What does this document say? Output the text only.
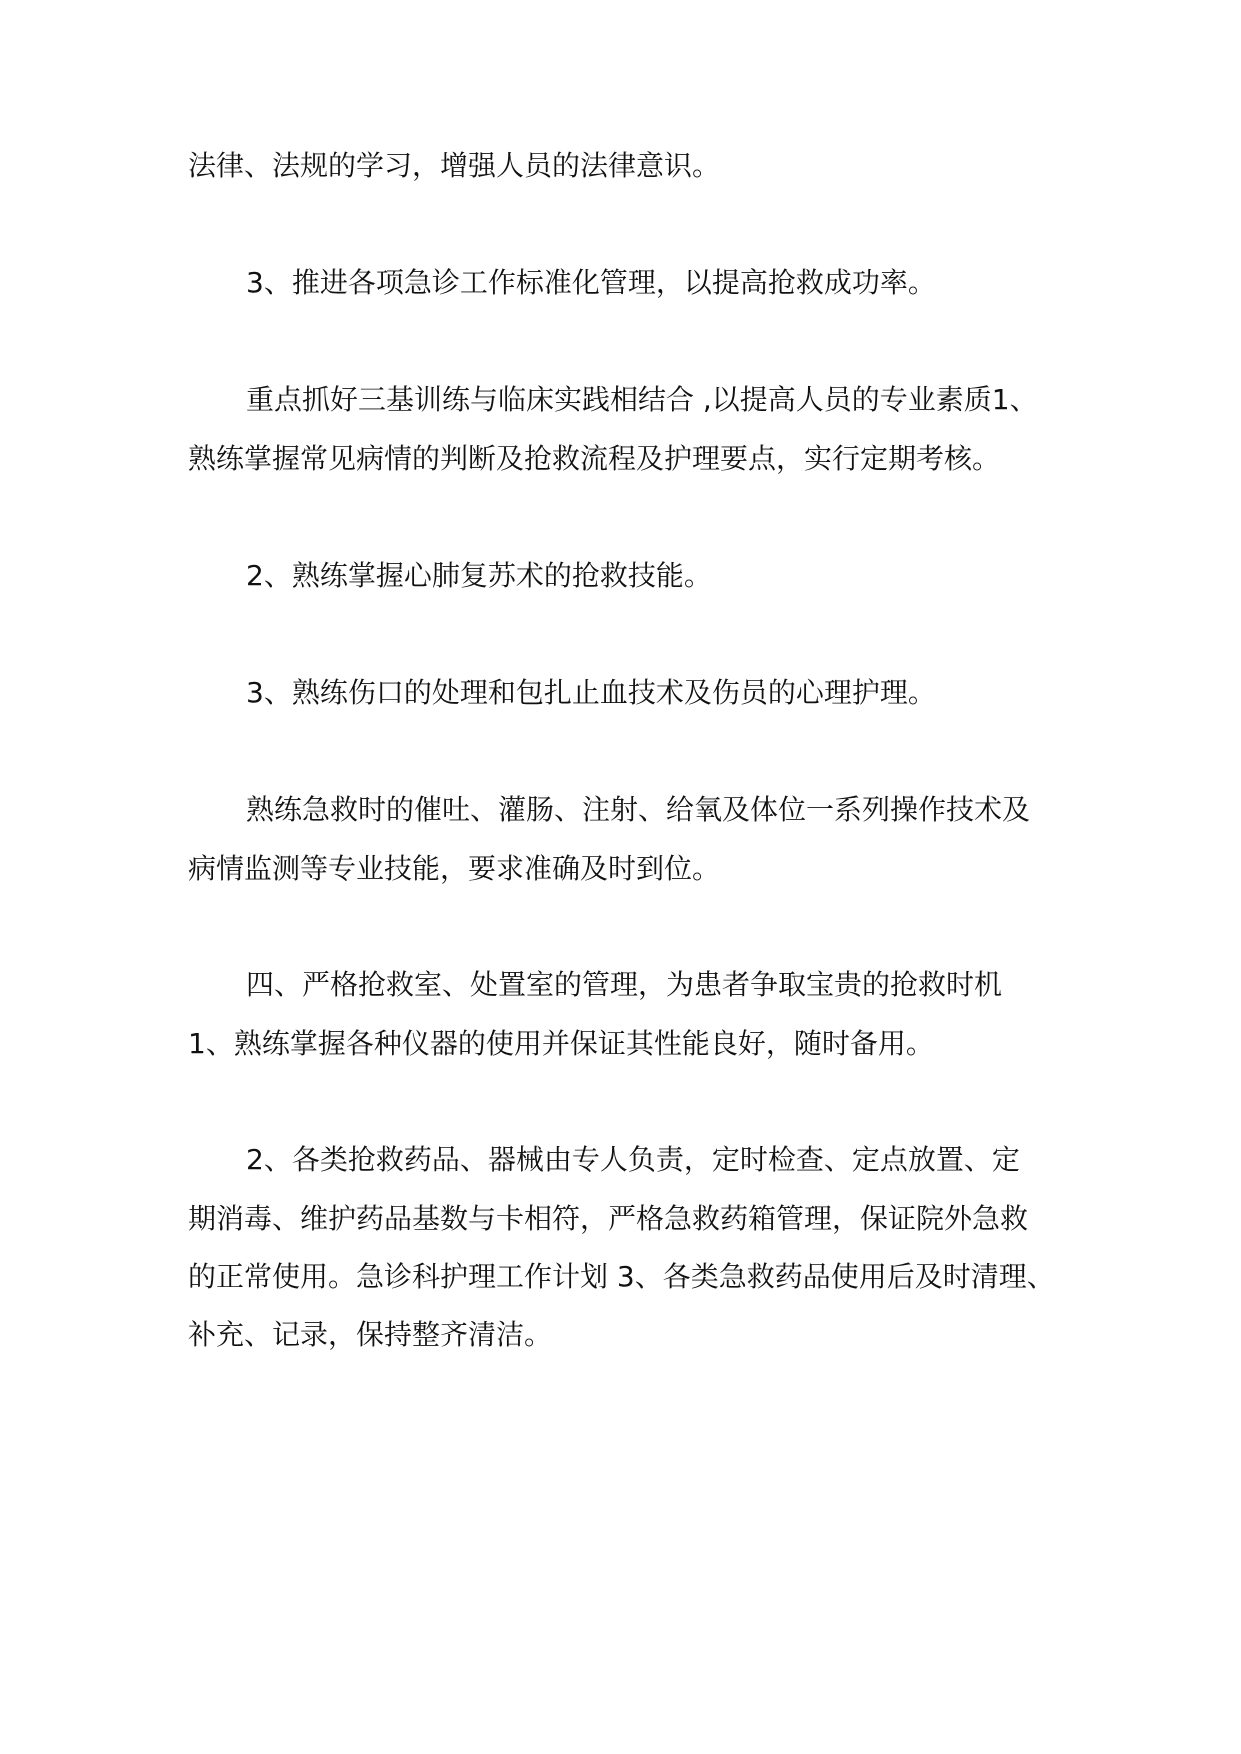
法律、法规的学习，增强人员的法律意识。
3、推进各项急诊工作标准化管理，以提高抢救成功率。
重点抓好三基训练与临床实践相结合 ,以提高人员的专业素质1、
熟练掌握常见病情的判断及抢救流程及护理要点，实行定期考核。
2、熟练掌握心肺复苏术的抢救技能。
3、熟练伤口的处理和包扎止血技术及伤员的心理护理。
熟练急救时的催吐、灌肠、注射、给氧及体位一系列操作技术及
病情监测等专业技能，要求准确及时到位。
四、严格抢救室、处置室的管理，为患者争取宝贵的抢救时机
1、熟练掌握各种仪器的使用并保证其性能良好，随时备用。
2、各类抢救药品、器械由专人负责，定时检查、定点放置、定
期消毒、维护药品基数与卡相符，严格急救药箱管理，保证院外急救
的正常使用。急诊科护理工作计划 3、各类急救药品使用后及时清理、
补充、记录，保持整齐清洁。
